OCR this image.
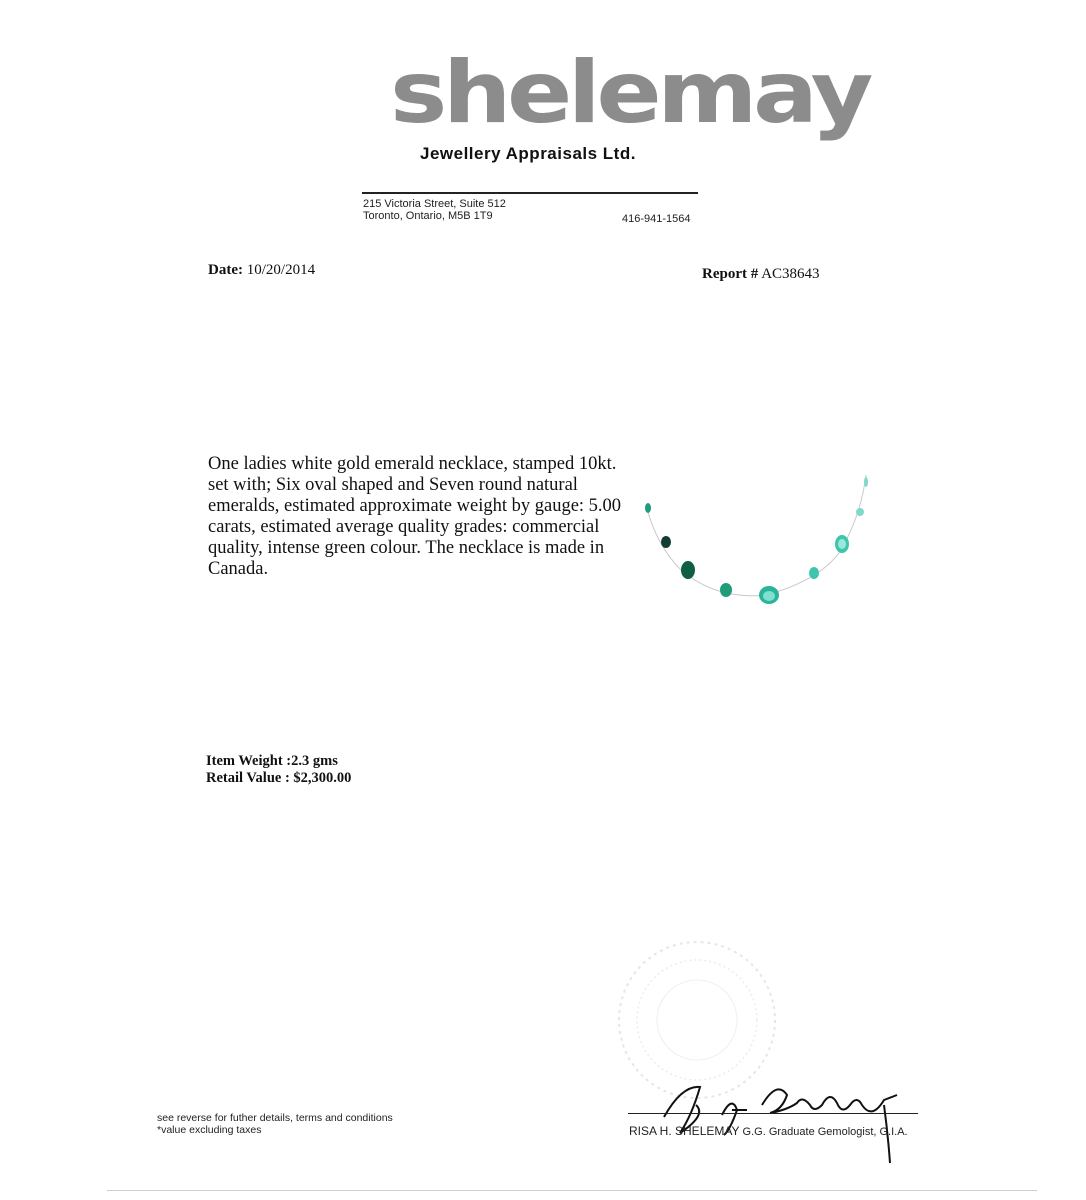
shelemay
Jewellery Appraisals Ltd.
215 Victoria Street, Suite 512
Toronto, Ontario, M5B 1T9	416-941-1564
Date: 10/20/2014	Report # AC38643
One ladies white gold emerald necklace, stamped 10kt. set with; Six oval shaped and Seven round natural emeralds, estimated approximate weight by gauge: 5.00 carats, estimated average quality grades: commercial quality, intense green colour. The necklace is made in Canada.
Item Weight :2.3 gms
Retail Value : $2,300.00
RISA H. SHELEMAY G.G. Graduate Gemologist, G.I.A.
see reverse for futher details, terms and conditions
*value excluding taxes
